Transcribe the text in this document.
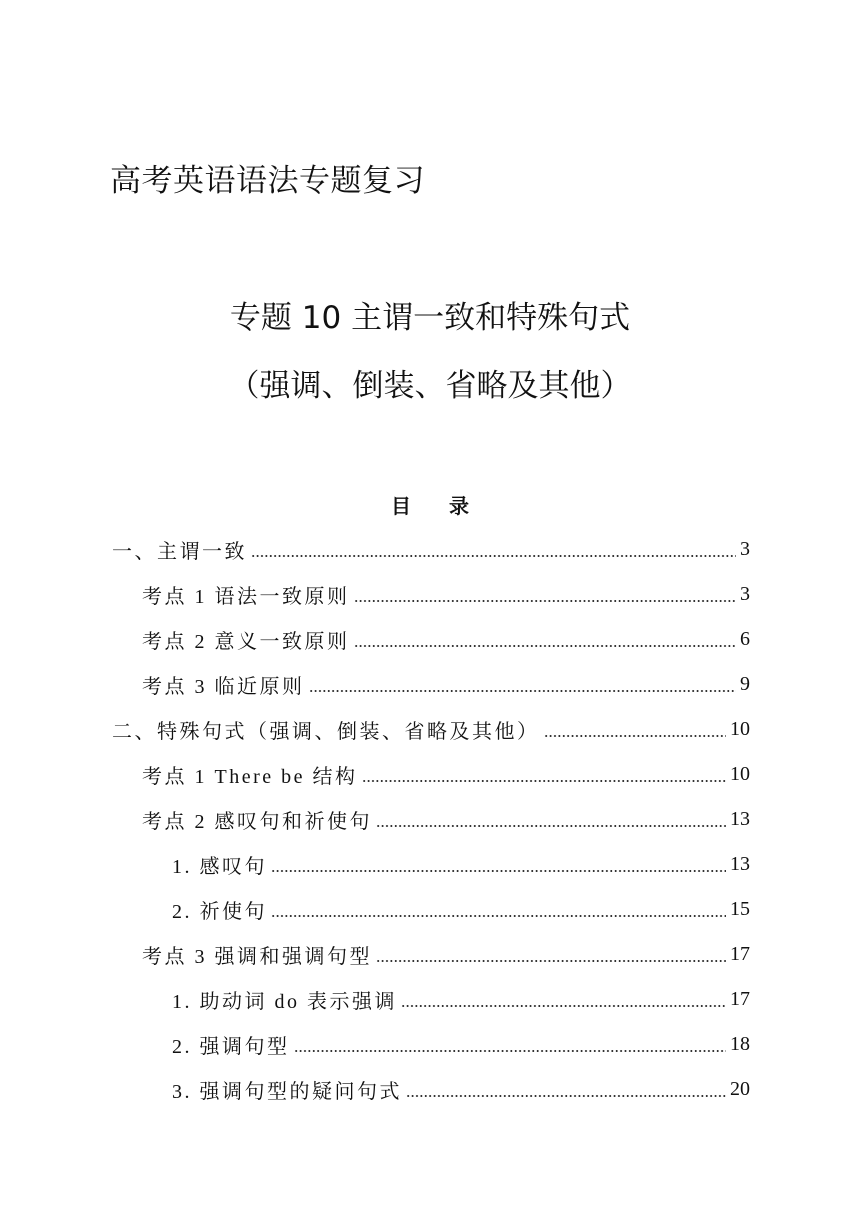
高考英语语法专题复习
专题 10 主谓一致和特殊句式
（强调、倒装、省略及其他）
目录
一、主谓一致	3
考点 1 语法一致原则	3
考点 2 意义一致原则	6
考点 3 临近原则	9
二、特殊句式（强调、倒装、省略及其他）	10
考点 1 There be 结构	10
考点 2 感叹句和祈使句	13
1. 感叹句	13
2. 祈使句	15
考点 3 强调和强调句型	17
1. 助动词 do 表示强调	17
2. 强调句型	18
3. 强调句型的疑问句式	20
